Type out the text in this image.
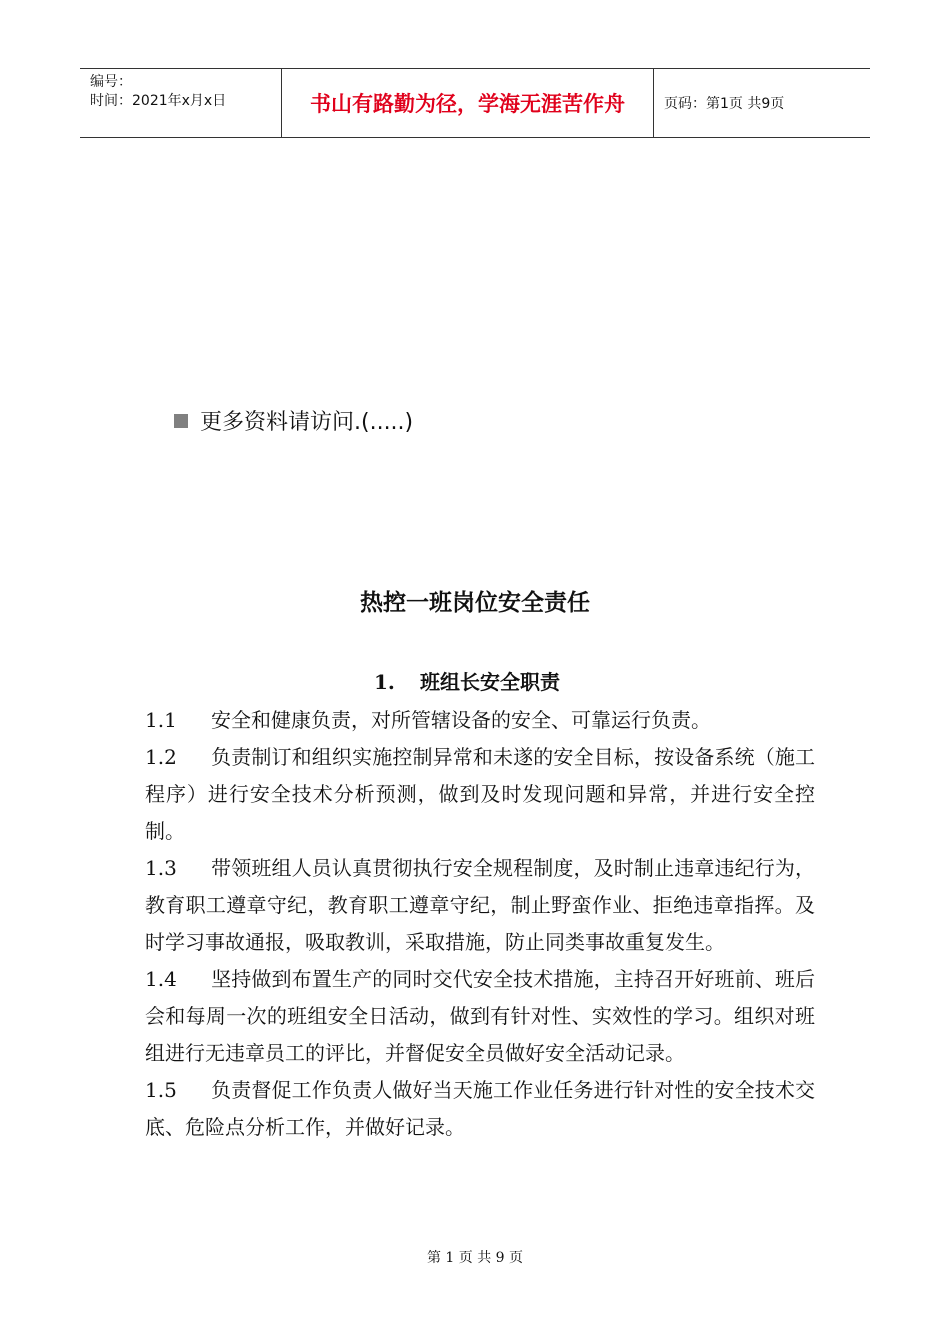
编号：
时间：2021年x月x日	书山有路勤为径，学海无涯苦作舟	页码：第1页 共9页
更多资料请访问.(.....)
热控一班岗位安全责任
1. 班组长安全职责

1.1 安全和健康负责，对所管辖设备的安全、可靠运行负责。

1.2 负责制订和组织实施控制异常和未遂的安全目标，按设备系统（施工程序）进行安全技术分析预测，做到及时发现问题和异常，并进行安全控制。

1.3 带领班组人员认真贯彻执行安全规程制度，及时制止违章违纪行为，教育职工遵章守纪，教育职工遵章守纪，制止野蛮作业、拒绝违章指挥。及时学习事故通报，吸取教训，采取措施，防止同类事故重复发生。

1.4 坚持做到布置生产的同时交代安全技术措施，主持召开好班前、班后会和每周一次的班组安全日活动，做到有针对性、实效性的学习。组织对班组进行无违章员工的评比，并督促安全员做好安全活动记录。

1.5 负责督促工作负责人做好当天施工作业任务进行针对性的安全技术交底、危险点分析工作，并做好记录。

第 1 页 共 9 页
